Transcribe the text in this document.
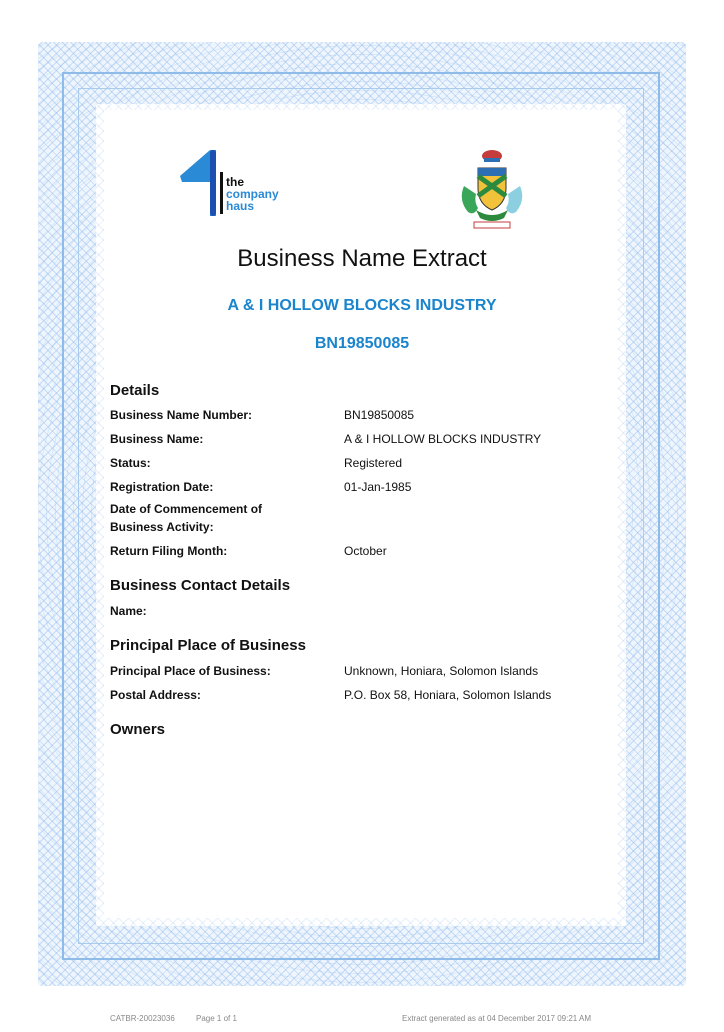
the
company
haus
Business Name Extract
A & I HOLLOW BLOCKS INDUSTRY
BN19850085
Details
Business Name Number:	BN19850085
Business Name:	A & I HOLLOW BLOCKS INDUSTRY
Status:	Registered
Registration Date:	01-Jan-1985
Date of Commencement of
Business Activity:
Return Filing Month:	October
Business Contact Details
Name:
Principal Place of Business
Principal Place of Business:	Unknown, Honiara, Solomon Islands
Postal Address:	P.O. Box 58, Honiara, Solomon Islands
Owners
CATBR-20023036	Page 1 of 1	Extract generated as at 04 December 2017 09:21 AM
